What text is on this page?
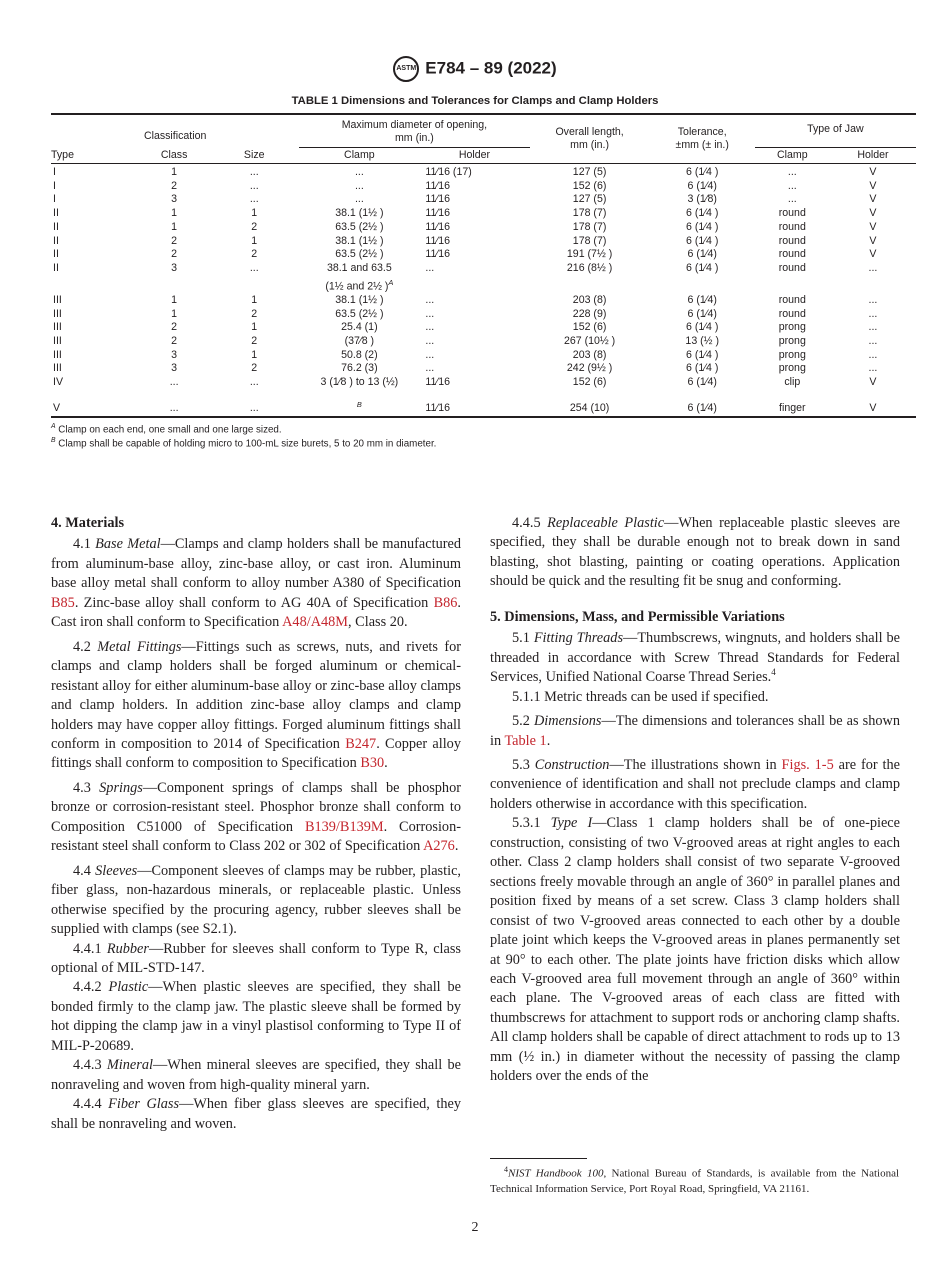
ASTM E784 – 89 (2022)
TABLE 1 Dimensions and Tolerances for Clamps and Clamp Holders
Classification			Maximum diameter of opening, mm (in.)		Overall length, mm (in.)	Tolerance, ±mm (± in.)	Type of Jaw	
Type	Class	Size	Clamp	Holder			Clamp	Holder
I	1	...	...	11⁄16 (17)	127 (5)	6 (1⁄4 )	...	V
I	2	...	...	11⁄16	152 (6)	6 (1⁄4)	...	V
I	3	...	...	11⁄16	127 (5)	3 (1⁄8)	...	V
II	1	1	38.1 (1½ )	11⁄16	178 (7)	6 (1⁄4 )	round	V
II	1	2	63.5 (2½ )	11⁄16	178 (7)	6 (1⁄4 )	round	V
II	2	1	38.1 (1½ )	11⁄16	178 (7)	6 (1⁄4 )	round	V
II	2	2	63.5 (2½ )	11⁄16	191 (7½ )	6 (1⁄4)	round	V
II	3	...	38.1 and 63.5
(1½ and 2½ )$^A$	...	216 (8½ )	6 (1⁄4 )	round	...
III	1	1	38.1 (1½ )	...	203 (8)	6 (1⁄4)	round	...
III	1	2	63.5 (2½ )	...	228 (9)	6 (1⁄4)	round	...
III	2	1	25.4 (1)	...	152 (6)	6 (1⁄4 )	prong	...
III	2	2	(37⁄8 )	...	267 (10½ )	13 (½ )	prong	...
III	3	1	50.8 (2)	...	203 (8)	6 (1⁄4 )	prong	...
III	3	2	76.2 (3)	...	242 (9½ )	6 (1⁄4 )	prong	...
IV	...	...	3 (1⁄8 ) to 13 (½)	11⁄16	152 (6)	6 (1⁄4)	clip	V
V	...	...	$^B$	11⁄16	254 (10)	6 (1⁄4)	finger	V
$^A$ Clamp on each end, one small and one large sized.
$^B$ Clamp shall be capable of holding micro to 100-mL size burets, 5 to 20 mm in diameter.
4. Materials

4.1 Base Metal—Clamps and clamp holders shall be manufactured from aluminum-base alloy, zinc-base alloy, or cast iron. Aluminum base alloy metal shall conform to alloy number A380 of Specification B85. Zinc-base alloy shall conform to AG 40A of Specification B86. Cast iron shall conform to Specification A48/A48M, Class 20.

4.2 Metal Fittings—Fittings such as screws, nuts, and rivets for clamps and clamp holders shall be forged aluminum or chemical-resistant alloy for either aluminum-base alloy or zinc-base alloy clamps and clamp holders. In addition zinc-base alloy clamps and clamp holders may have copper alloy fittings. Forged aluminum fittings shall conform in composition to 2014 of Specification B247. Copper alloy fittings shall conform to composition to Specification B30.

4.3 Springs—Component springs of clamps shall be phosphor bronze or corrosion-resistant steel. Phosphor bronze shall conform to Composition C51000 of Specification B139/B139M. Corrosion-resistant steel shall conform to Class 202 or 302 of Specification A276.

4.4 Sleeves—Component sleeves of clamps may be rubber, plastic, fiber glass, non-hazardous minerals, or replaceable plastic. Unless otherwise specified by the procuring agency, rubber sleeves shall be supplied with clamps (see S2.1).

4.4.1 Rubber—Rubber for sleeves shall conform to Type R, class optional of MIL-STD-147.

4.4.2 Plastic—When plastic sleeves are specified, they shall be bonded firmly to the clamp jaw. The plastic sleeve shall be formed by hot dipping the clamp jaw in a vinyl plastisol conforming to Type II of MIL-P-20689.

4.4.3 Mineral—When mineral sleeves are specified, they shall be nonraveling and woven from high-quality mineral yarn.

4.4.4 Fiber Glass—When fiber glass sleeves are specified, they shall be nonraveling and woven.

4.4.5 Replaceable Plastic—When replaceable plastic sleeves are specified, they shall be durable enough not to break down in sand blasting, shot blasting, painting or coating operations. Application should be quick and the resulting fit be snug and conforming.

5. Dimensions, Mass, and Permissible Variations

5.1 Fitting Threads—Thumbscrews, wingnuts, and holders shall be threaded in accordance with Screw Thread Standards for Federal Services, Unified National Coarse Thread Series.$^4$

5.1.1 Metric threads can be used if specified.

5.2 Dimensions—The dimensions and tolerances shall be as shown in Table 1.

5.3 Construction—The illustrations shown in Figs. 1-5 are for the convenience of identification and shall not preclude clamps and clamp holders otherwise in accordance with this specification.

5.3.1 Type I—Class 1 clamp holders shall be of one-piece construction, consisting of two V-grooved areas at right angles to each other. Class 2 clamp holders shall consist of two separate V-grooved sections freely movable through an angle of 360° in parallel planes and position fixed by means of a set screw. Class 3 clamp holders shall consist of two V-grooved areas connected to each other by a double plate joint which keeps the V-grooved areas in planes permanently set at 90° to each other. The plate joints have friction disks which allow each V-grooved area full movement through an angle of 360° within each plane. The V-grooved areas of each class are fitted with thumbscrews for attachment to support rods or anchoring clamp shafts. All clamp holders shall be capable of direct attachment to rods up to 13 mm (½ in.) in diameter without the necessity of passing the clamp holders over the ends of the

$^4$NIST Handbook 100, National Bureau of Standards, is available from the National Technical Information Service, Port Royal Road, Springfield, VA 21161.
2
